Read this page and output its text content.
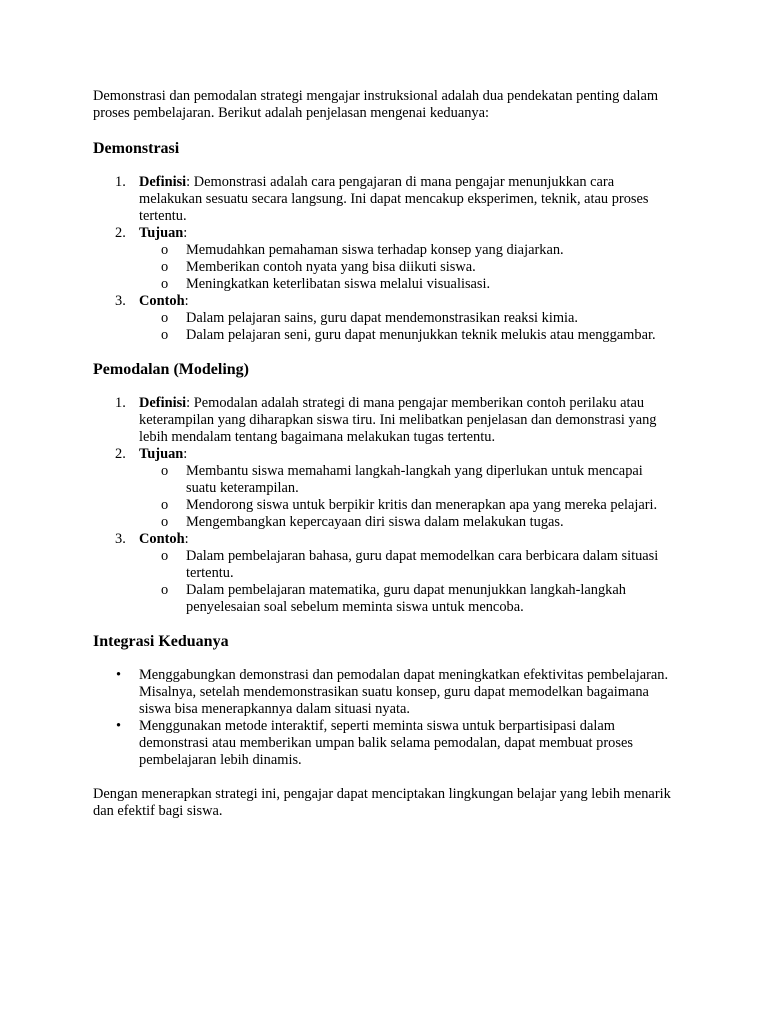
Demonstrasi dan pemodalan strategi mengajar instruksional adalah dua pendekatan penting dalam proses pembelajaran. Berikut adalah penjelasan mengenai keduanya:

Demonstrasi
1 . Definisi: Demonstrasi adalah cara pengajaran di mana pengajar menunjukkan cara melakukan sesuatu secara langsung. Ini dapat mencakup eksperimen, teknik, atau proses tertentu.
2 . Tujuan:
o Memudahkan pemahaman siswa terhadap konsep yang diajarkan.
o Memberikan contoh nyata yang bisa diikuti siswa.
o Meningkatkan keterlibatan siswa melalui visualisasi.
3 . Contoh:
o Dalam pelajaran sains, guru dapat mendemonstrasikan reaksi kimia.
o Dalam pelajaran seni, guru dapat menunjukkan teknik melukis atau menggambar.
Pemodalan (Modeling)
1 . Definisi: Pemodalan adalah strategi di mana pengajar memberikan contoh perilaku atau keterampilan yang diharapkan siswa tiru. Ini melibatkan penjelasan dan demonstrasi yang lebih mendalam tentang bagaimana melakukan tugas tertentu.
2 . Tujuan:
o Membantu siswa memahami langkah-langkah yang diperlukan untuk mencapai suatu keterampilan.
o Mendorong siswa untuk berpikir kritis dan menerapkan apa yang mereka pelajari.
o Mengembangkan kepercayaan diri siswa dalam melakukan tugas.
3 . Contoh:
o Dalam pembelajaran bahasa, guru dapat memodelkan cara berbicara dalam situasi tertentu.
o Dalam pembelajaran matematika, guru dapat menunjukkan langkah-langkah penyelesaian soal sebelum meminta siswa untuk mencoba.
Integrasi Keduanya
• Menggabungkan demonstrasi dan pemodalan dapat meningkatkan efektivitas pembelajaran. Misalnya, setelah mendemonstrasikan suatu konsep, guru dapat memodelkan bagaimana siswa bisa menerapkannya dalam situasi nyata.
• Menggunakan metode interaktif, seperti meminta siswa untuk berpartisipasi dalam demonstrasi atau memberikan umpan balik selama pemodalan, dapat membuat proses pembelajaran lebih dinamis.

Dengan menerapkan strategi ini, pengajar dapat menciptakan lingkungan belajar yang lebih menarik dan efektif bagi siswa.
